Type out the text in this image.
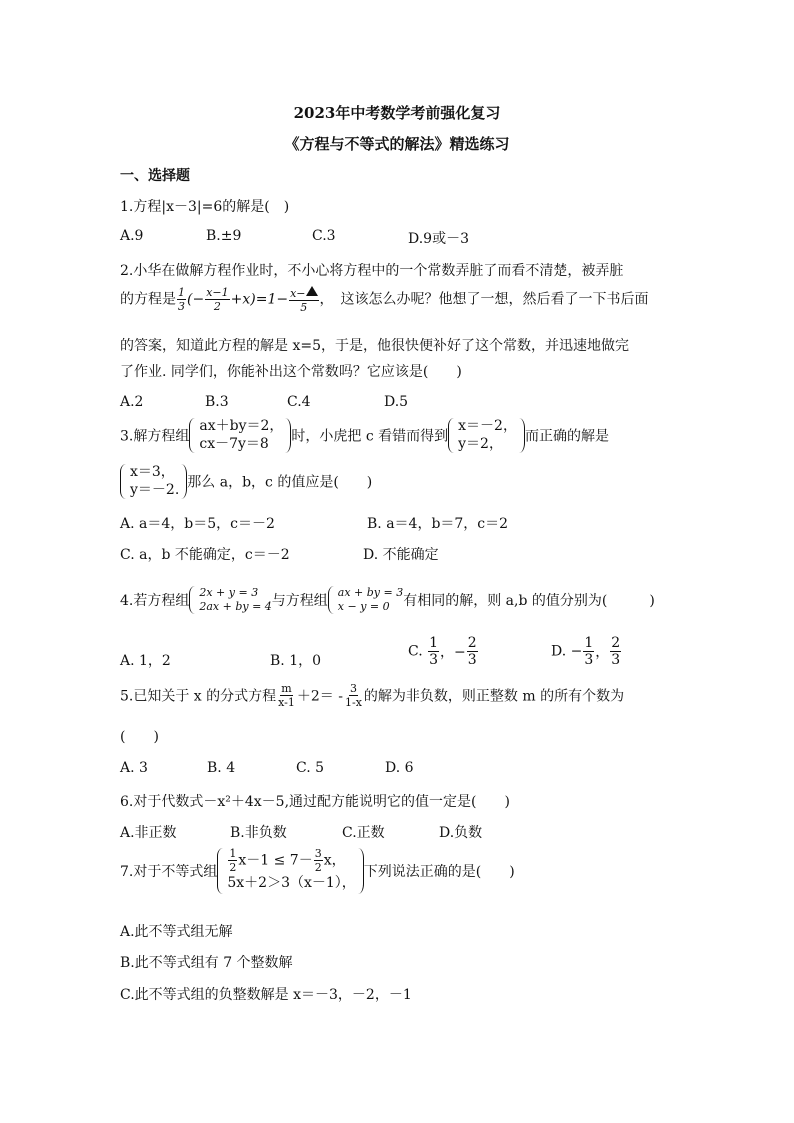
2023年中考数学考前强化复习
《方程与不等式的解法》精选练习
一、选择题
1.方程|x－3|=6的解是(　)
A.9	B.±9	C.3	D.9或－3
2.小华在做解方程作业时，不小心将方程中的一个常数弄脏了而看不清楚，被弄脏
的方程是 $\frac{1}{3}$ (− $\frac{x-1}{2} +x)=1- \frac{x-}{5}$ ，　这该怎么办呢？他想了一想，然后看了一下书后面
的答案，知道此方程的解是 x=5，于是，他很快便补好了这个常数，并迅速地做完
了作业. 同学们，你能补出这个常数吗？它应该是(　　)
A.2	B.3	C.4	D.5
3.解方程组
ax＋by＝2，
cx－7y＝8	时，小虎把 c 看错而得到
x＝－2，
y＝2，	而正确的解是
x＝3，
y＝－2. 那么 a，b，c 的值应是(　　)
A. a＝4，b＝5，c＝－2	B. a＝4，b＝7，c＝2
C. a，b 不能确定，c＝－2	D. 不能确定
4.若方程组
2x + y = 3
2ax + by = 4 与方程组
ax + by = 3
x − y = 0 有相同的解，则 a,b 的值分别为(　　　)
A. 1，2	B. 1，0
C. $\frac{1}{3}$ ，− $\frac{2}{3}$	D. − $\frac{1}{3}$ ， $\frac{2}{3}$
5.已知关于 x 的分式方程 $\frac{m}{x-1} +2= - \frac{3}{1-x}$ 的解为非负数，则正整数 m 的所有个数为
(　　)
A. 3	B. 4	C. 5	D. 6
6.对于代数式－x²＋4x－5,通过配方能说明它的值一定是(　　)
A.非正数	B.非负数	C.正数	D.负数
7.对于不等式组 $\frac{1}{2} x-1 \le 7- \frac{3}{2}$ x，
5x＋2＞3（x－1），
下列说法正确的是(　　)
A.此不等式组无解
B.此不等式组有 7 个整数解
C.此不等式组的负整数解是 x＝－3，－2，－1
